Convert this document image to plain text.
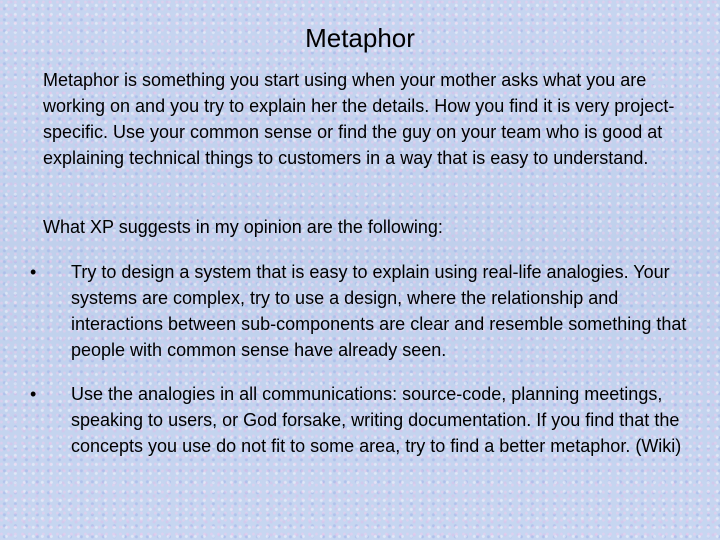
Metaphor

Metaphor is something you start using when your mother asks what you are working on and you try to explain her the details. How you find it is very project-specific. Use your common sense or find the guy on your team who is good at explaining technical things to customers in a way that is easy to understand.

What XP suggests in my opinion are the following:

•	Try to design a system that is easy to explain using real-life analogies. Your systems are complex, try to use a design, where the relationship and interactions between sub-components are clear and resemble something that people with common sense have already seen.
•	Use the analogies in all communications: source-code, planning meetings, speaking to users, or God forsake, writing documentation. If you find that the concepts you use do not fit to some area, try to find a better metaphor. (Wiki)
